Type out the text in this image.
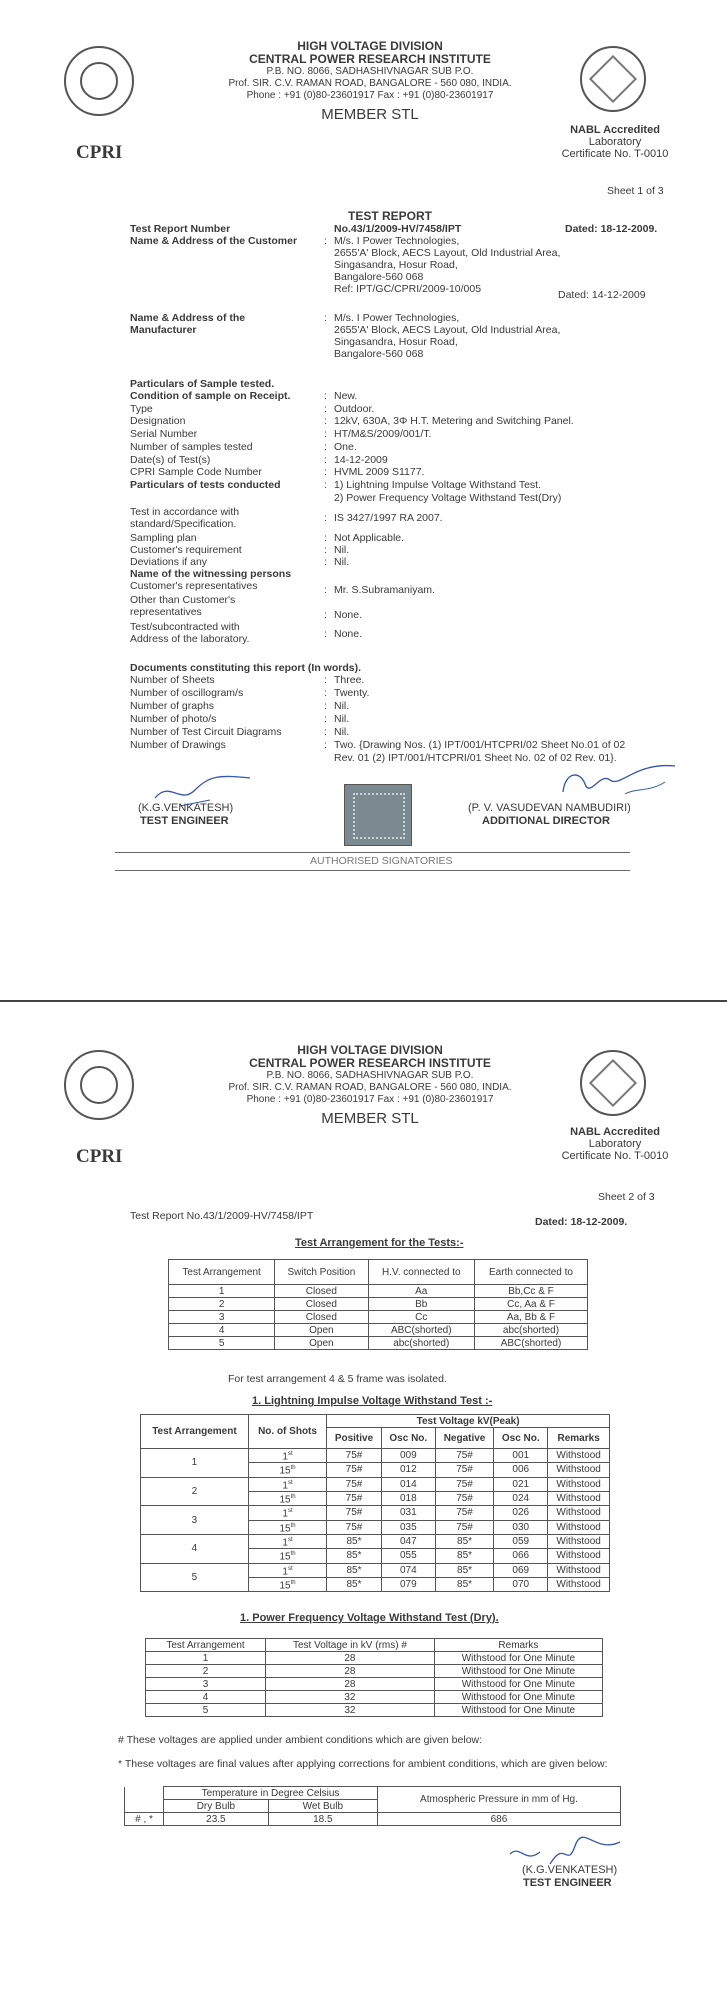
CPRI
HIGH VOLTAGE DIVISION
CENTRAL POWER RESEARCH INSTITUTE
P.B. NO. 8066, SADHASHIVNAGAR SUB P.O.
Prof. SIR. C.V. RAMAN ROAD, BANGALORE - 560 080, INDIA.
Phone : +91 (0)80-23601917 Fax : +91 (0)80-23601917
MEMBER STL
NABL Accredited
Laboratory
Certificate No. T-0010
Sheet 1 of 3
TEST REPORT
Test Report Number	No.43/1/2009-HV/7458/IPT	Dated: 18-12-2009.
Name & Address of the Customer	: M/s. I Power Technologies,
2655'A' Block, AECS Layout, Old Industrial Area,
Singasandra, Hosur Road,
Bangalore-560 068
Ref: IPT/GC/CPRI/2009-10/005	Dated: 14-12-2009
Name & Address of the
Manufacturer
: M/s. I Power Technologies,
2655'A' Block, AECS Layout, Old Industrial Area,
Singasandra, Hosur Road,
Bangalore-560 068
Particulars of Sample tested.
Condition of sample on Receipt.	: New.
Type	: Outdoor.
Designation	: 12kV, 630A, 3Φ H.T. Metering and Switching Panel.
Serial Number	: HT/M&S/2009/001/T.
Number of samples tested	: One.
Date(s) of Test(s)	: 14-12-2009
CPRI Sample Code Number	: HVML 2009 S1177.
Particulars of tests conducted	: 1) Lightning Impulse Voltage Withstand Test.
2) Power Frequency Voltage Withstand Test(Dry)
Test in accordance with
standard/Specification.	: IS 3427/1997 RA 2007.
Sampling plan	: Not Applicable.
Customer's requirement	: Nil.
Deviations if any	: Nil.
Name of the witnessing persons
Customer's representatives	: Mr. S.Subramaniyam.
Other than Customer's
representatives	: None.
Test/subcontracted with
Address of the laboratory.	: None.
Documents constituting this report (In words).
Number of Sheets	: Three.
Number of oscillogram/s	: Twenty.
Number of graphs	: Nil.
Number of photo/s	: Nil.
Number of Test Circuit Diagrams	: Nil.
Number of Drawings	: Two. {Drawing Nos. (1) IPT/001/HTCPRI/02 Sheet No.01 of 02
Rev. 01 (2) IPT/001/HTCPRI/01 Sheet No. 02 of 02 Rev. 01}.
(K.G.VENKATESH)
TEST ENGINEER
(P. V. VASUDEVAN NAMBUDIRI)
ADDITIONAL DIRECTOR
AUTHORISED SIGNATORIES
CPRI
HIGH VOLTAGE DIVISION
CENTRAL POWER RESEARCH INSTITUTE
P.B. NO. 8066, SADHASHIVNAGAR SUB P.O.
Prof. SIR. C.V. RAMAN ROAD, BANGALORE - 560 080, INDIA.
Phone : +91 (0)80-23601917 Fax : +91 (0)80-23601917
MEMBER STL
NABL Accredited
Laboratory
Certificate No. T-0010
Sheet 2 of 3
Test Report No.43/1/2009-HV/7458/IPT	Dated: 18-12-2009.
Test Arrangement for the Tests:-
Test Arrangement	Switch Position	H.V. connected to	Earth connected to
1	Closed	Aa	Bb,Cc & F
2	Closed	Bb	Cc, Aa & F
3	Closed	Cc	Aa, Bb & F
4	Open	ABC(shorted)	abc(shorted)
5	Open	abc(shorted)	ABC(shorted)
For test arrangement 4 & 5 frame was isolated.
1. Lightning Impulse Voltage Withstand Test :-
Test Arrangement	No. of Shots	Test Voltage kV(Peak)				
		Positive	Osc No.	Negative	Osc No.	Remarks
1	1st	75#	009	75#	001	Withstood
	15th	75#	012	75#	006	Withstood
2	1st	75#	014	75#	021	Withstood
	15th	75#	018	75#	024	Withstood
3	1st	75#	031	75#	026	Withstood
	15th	75#	035	75#	030	Withstood
4	1st	85*	047	85*	059	Withstood
	15th	85*	055	85*	066	Withstood
5	1st	85*	074	85*	069	Withstood
	15th	85*	079	85*	070	Withstood
1. Power Frequency Voltage Withstand Test (Dry).
Test Arrangement	Test Voltage in kV (rms) #	Remarks
1	28	Withstood for One Minute
2	28	Withstood for One Minute
3	28	Withstood for One Minute
4	32	Withstood for One Minute
5	32	Withstood for One Minute
# These voltages are applied under ambient conditions which are given below:
* These voltages are final values after applying corrections for ambient conditions, which are given below:
	Temperature in Degree Celsius		Atmospheric Pressure in mm of Hg.
	Dry Bulb	Wet Bulb	
# , *	23.5	18.5	686
(K.G.VENKATESH)
TEST ENGINEER
